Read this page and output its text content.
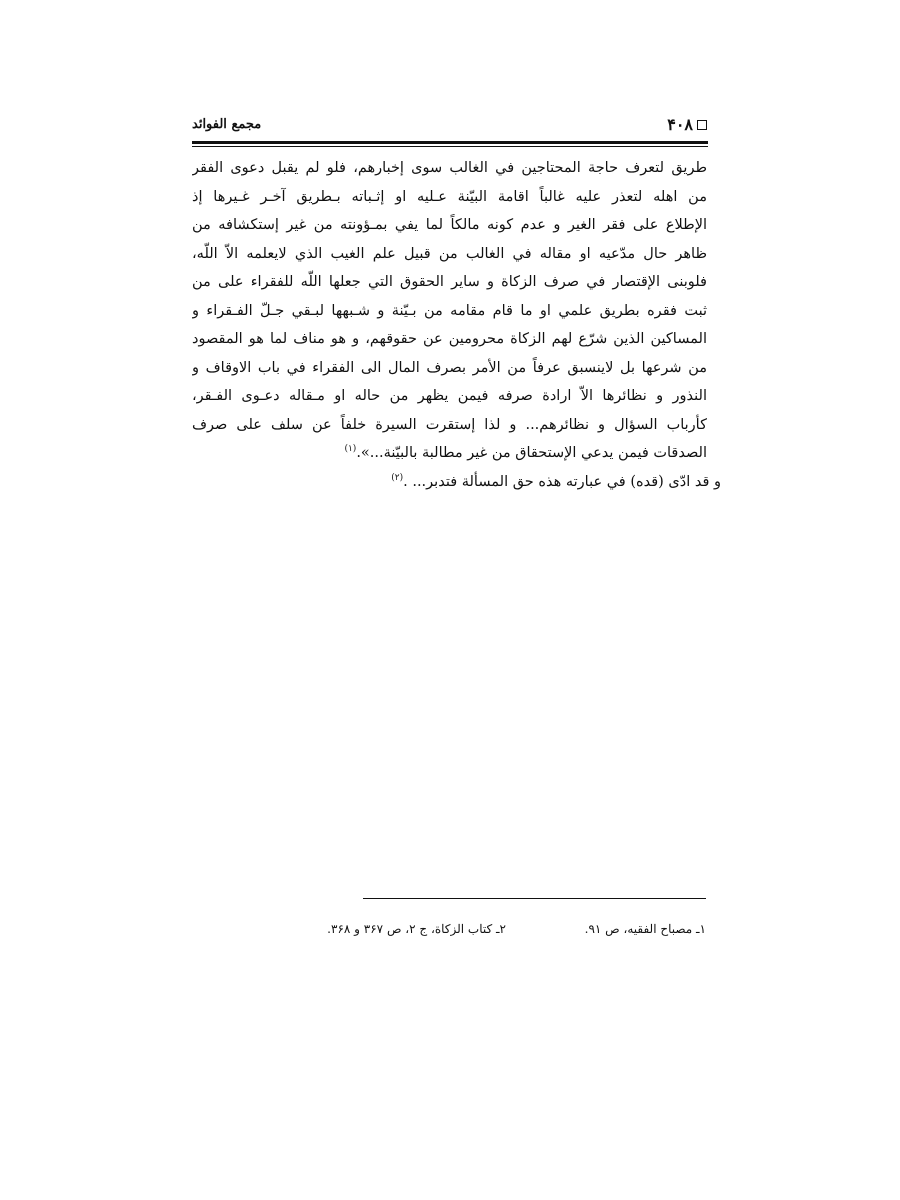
۴۰۸
مجمع الفوائد
طريق لتعرف حاجة المحتاجين في الغالب سوى إخبارهم، فلو لم يقبل دعوى الفقر
من اهله لتعذر عليه غالباً اقامة البيّنة عـليه او إثـباته بـطريق آخـر غـيرها إذ
الإطلاع على فقر الغير و عدم كونه مالكاً لما يفي بمـؤونته من غير إستكشافه من
ظاهر حال مدّعيه او مقاله في الغالب من قبيل علم الغيب الذي لايعلمه الاّ اللّه،
فلوبنى الإقتصار في صرف الزكاة و ساير الحقوق التي جعلها اللّه للفقراء على من
ثبت فقره بطريق علمي او ما قام مقامه من بـيّنة و شـبهها لبـقي جـلّ الفـقراء و
المساكين الذين شرّع لهم الزكاة محرومين عن حقوقهم، و هو مناف لما هو المقصود
من شرعها بل لاينسبق عرفاً من الأمر بصرف المال الى الفقراء في باب الاوقاف و
النذور و نظائرها الاّ ارادة صرفه فيمن يظهر من حاله او مـقاله دعـوى الفـقر،
كأرباب السؤال و نظائرهم... و لذا إستقرت السيرة خلفاً عن سلف على صرف
الصدقات فيمن يدعي الإستحقاق من غير مطالبة بالبيّنة...».$^{(۱)}$
و قد ادّى (قده) في عبارته هذه حق المسألة فتدبر... .$^{(۲)}$
۱ـ مصباح الفقيه، ص ۹۱.
۲ـ كتاب الزكاة، ج ۲، ص ۳۶۷ و ۳۶۸.
